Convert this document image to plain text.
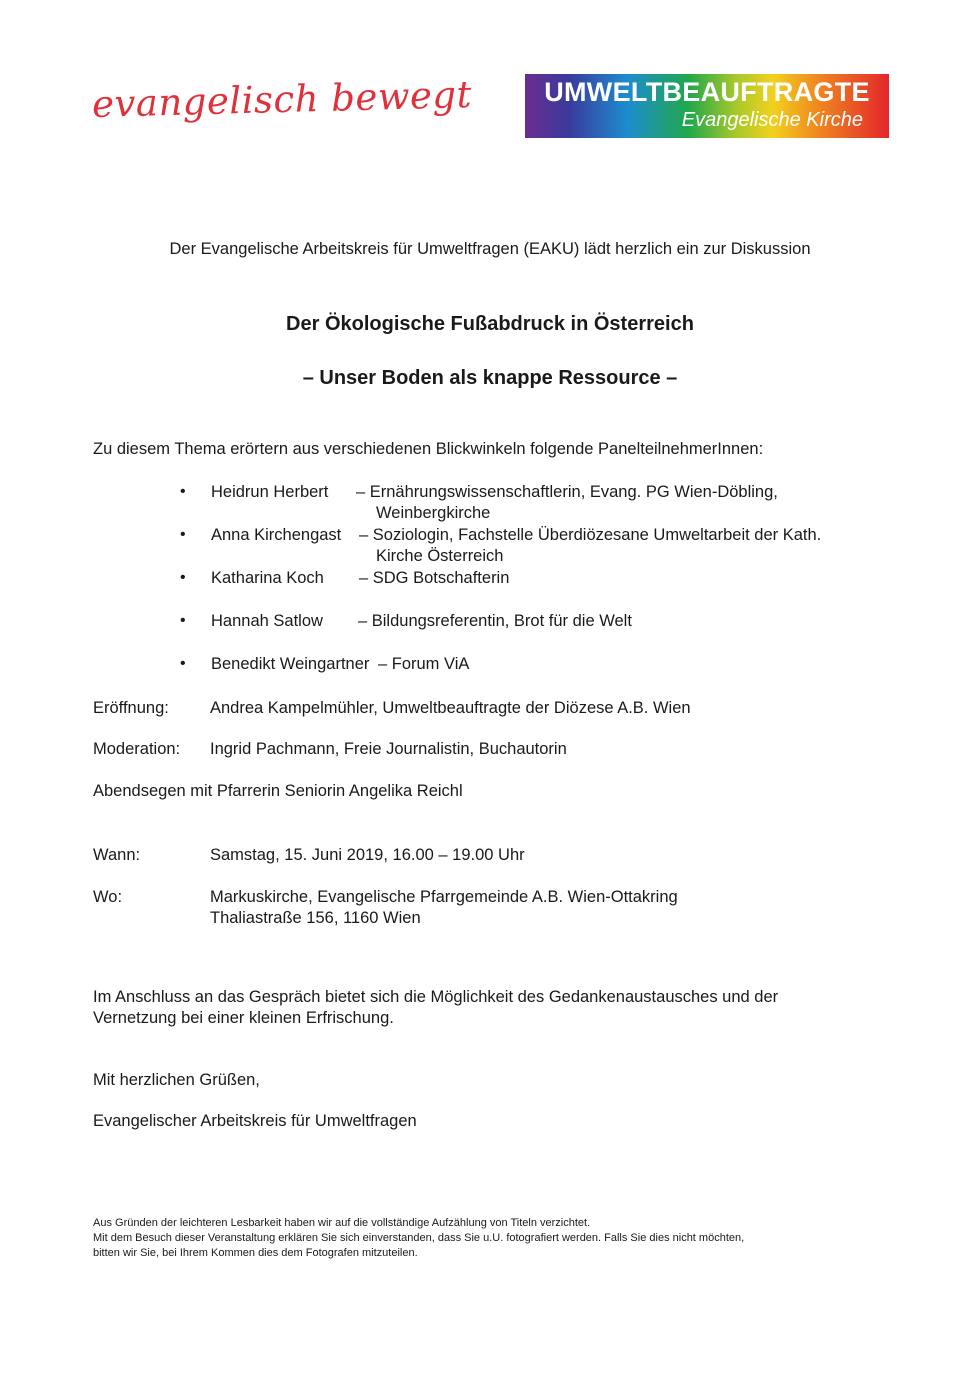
evangelisch bewegt	UMWELTBEAUFTRAGTE
Evangelische Kirche
Der Evangelische Arbeitskreis für Umweltfragen (EAKU) lädt herzlich ein zur Diskussion
Der Ökologische Fußabdruck in Österreich
– Unser Boden als knappe Ressource –
Zu diesem Thema erörtern aus verschiedenen Blickwinkeln folgende PanelteilnehmerInnen:
• Heidrun Herbert – Ernährungswissenschaftlerin, Evang. PG Wien-Döbling,
Weinbergkirche
• Anna Kirchengast – Soziologin, Fachstelle Überdiözesane Umweltarbeit der Kath.
Kirche Österreich
• Katharina Koch – SDG Botschafterin
• Hannah Satlow – Bildungsreferentin, Brot für die Welt
• Benedikt Weingartner – Forum ViA
Eröffnung: Andrea Kampelmühler, Umweltbeauftragte der Diözese A.B. Wien
Moderation: Ingrid Pachmann, Freie Journalistin, Buchautorin
Abendsegen mit Pfarrerin Seniorin Angelika Reichl
Wann:	Samstag, 15. Juni 2019, 16.00 – 19.00 Uhr
Wo:	Markuskirche, Evangelische Pfarrgemeinde A.B. Wien-Ottakring
Thaliastraße 156, 1160 Wien
Im Anschluss an das Gespräch bietet sich die Möglichkeit des Gedankenaustausches und der
Vernetzung bei einer kleinen Erfrischung.
Mit herzlichen Grüßen,
Evangelischer Arbeitskreis für Umweltfragen
Aus Gründen der leichteren Lesbarkeit haben wir auf die vollständige Aufzählung von Titeln verzichtet.
Mit dem Besuch dieser Veranstaltung erklären Sie sich einverstanden, dass Sie u.U. fotografiert werden. Falls Sie dies nicht möchten,
bitten wir Sie, bei Ihrem Kommen dies dem Fotografen mitzuteilen.
